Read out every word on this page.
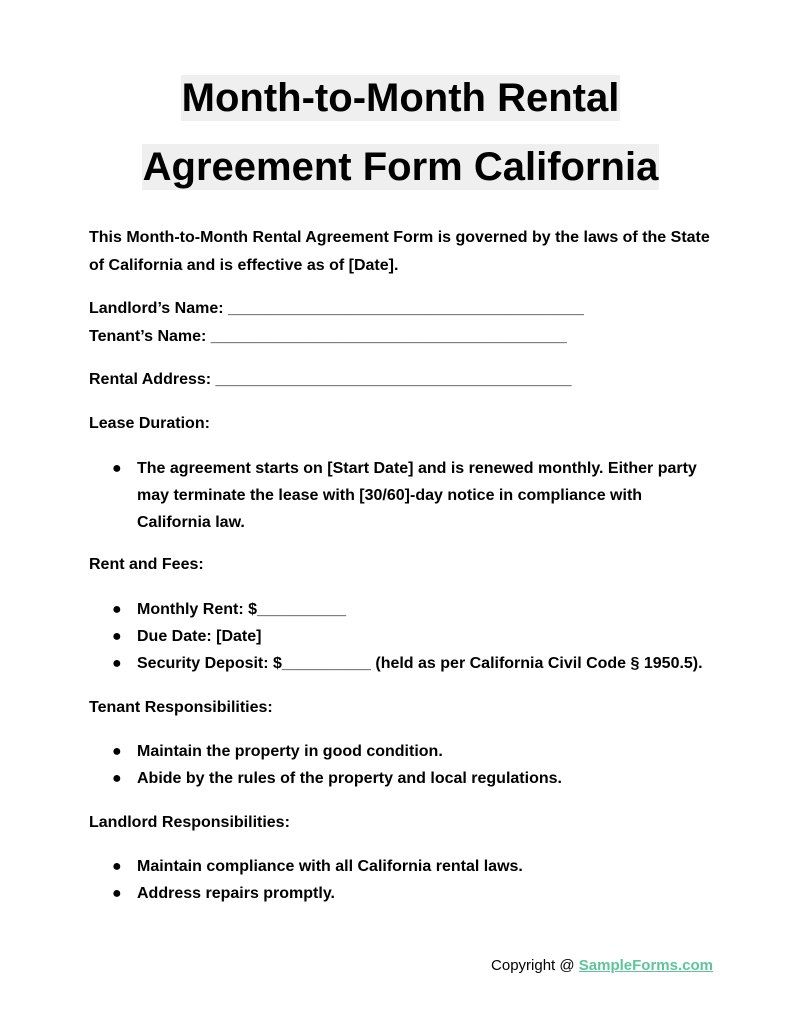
Month-to-Month Rental
Agreement Form California

This Month-to-Month Rental Agreement Form is governed by the laws of the State of California and is effective as of [Date].

Landlord’s Name: ________________________________________

Tenant’s Name: ________________________________________

Rental Address: ________________________________________

Lease Duration:

● The agreement starts on [Start Date] and is renewed monthly. Either party may terminate the lease with [30/60]-day notice in compliance with California law.

Rent and Fees:

● Monthly Rent: $__________
● Due Date: [Date]
● Security Deposit: $__________ (held as per California Civil Code § 1950.5).

Tenant Responsibilities:

● Maintain the property in good condition.
● Abide by the rules of the property and local regulations.

Landlord Responsibilities:

● Maintain compliance with all California rental laws.
● Address repairs promptly.
Copyright @ SampleForms.com
